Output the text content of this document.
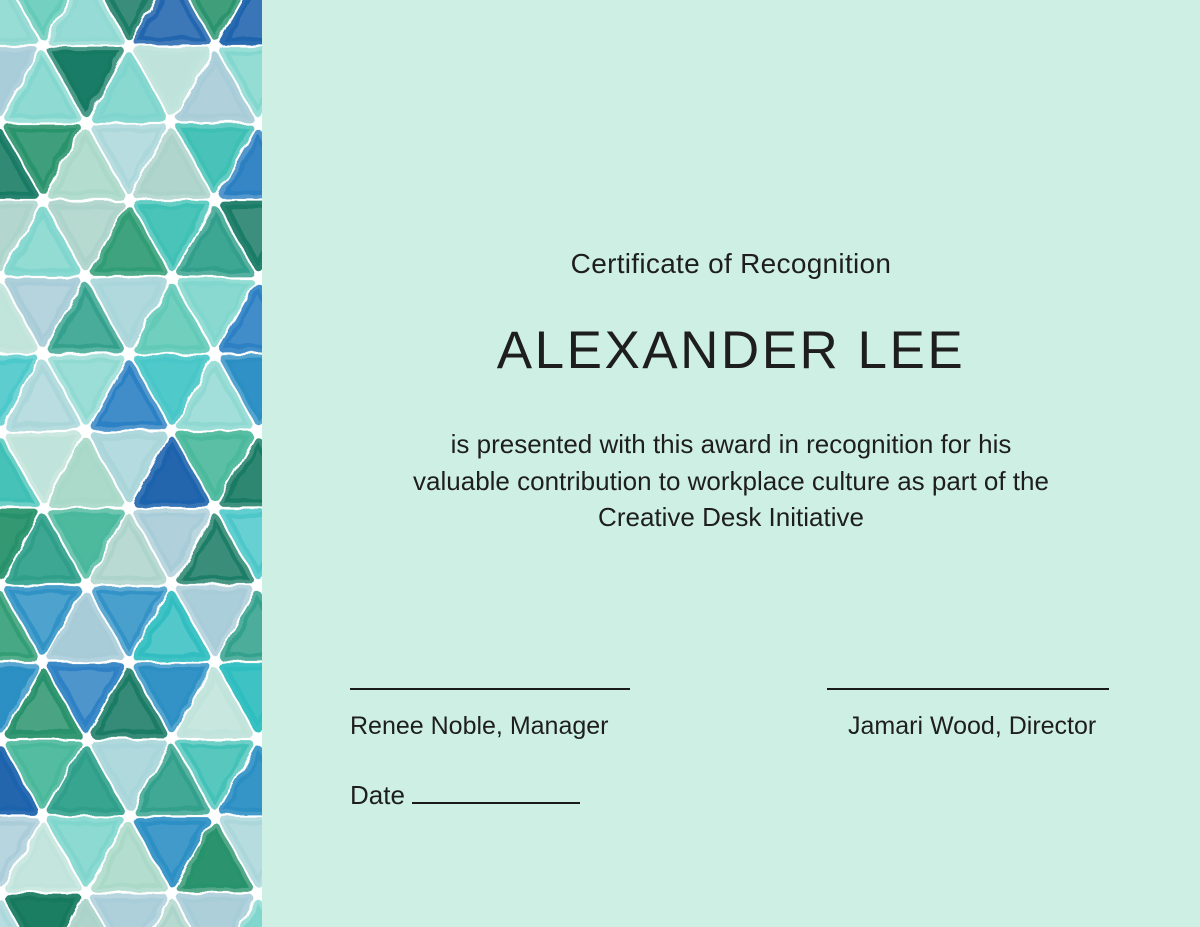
Certificate of Recognition
ALEXANDER LEE
is presented with this award in recognition for his
valuable contribution to workplace culture as part of the
Creative Desk Initiative
Renee Noble, Manager	Jamari Wood, Director
Date
